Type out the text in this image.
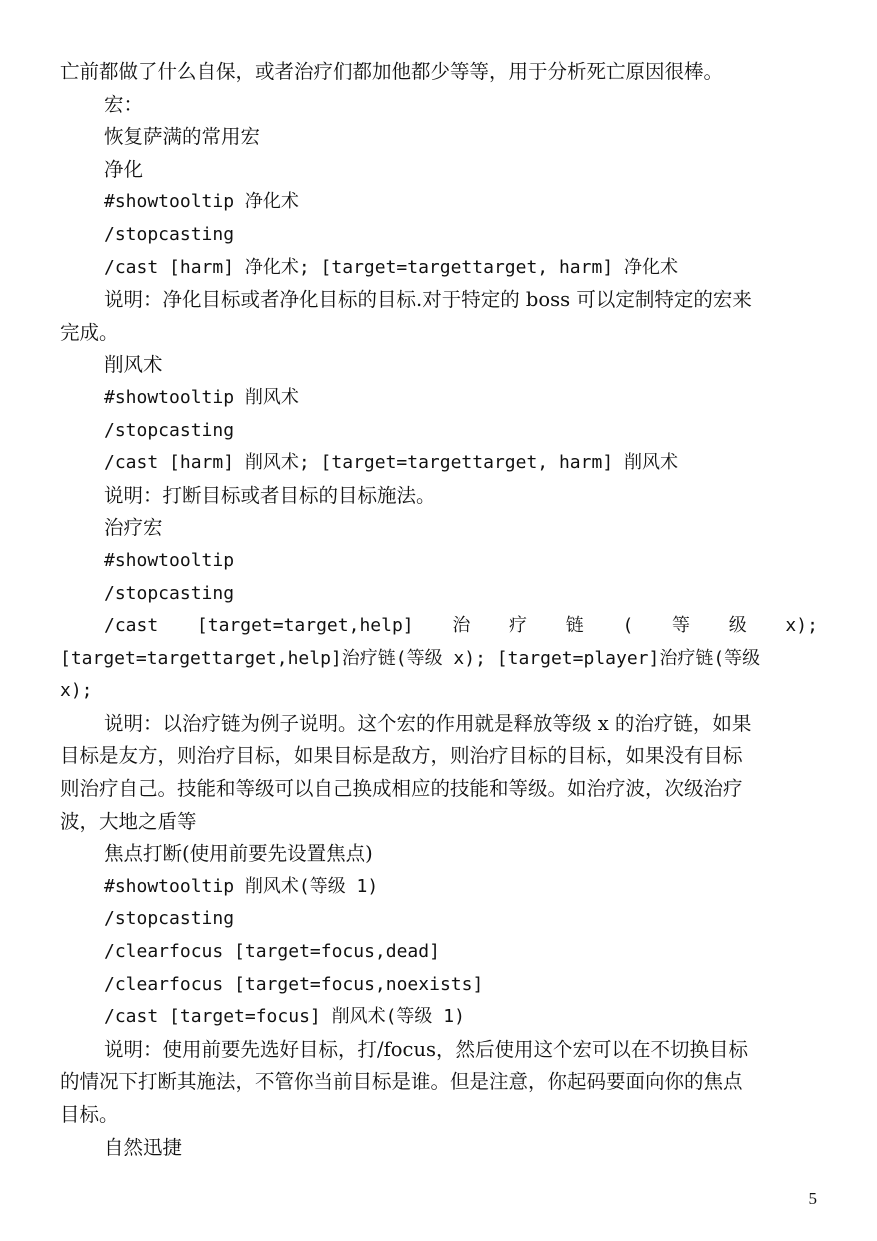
亡前都做了什么自保，或者治疗们都加他都少等等，用于分析死亡原因很棒。
宏：
恢复萨满的常用宏
净化
#showtooltip 净化术
/stopcasting
/cast [harm] 净化术; [target=targettarget, harm] 净化术
说明：净化目标或者净化目标的目标.对于特定的 boss 可以定制特定的宏来
完成。
削风术
#showtooltip 削风术
/stopcasting
/cast [harm] 削风术; [target=targettarget, harm] 削风术
说明：打断目标或者目标的目标施法。
治疗宏
#showtooltip
/stopcasting
/cast [target=target,help] 治 疗 链 ( 等 级 x);
[target=targettarget,help]治疗链(等级 x); [target=player]治疗链(等级
x);
说明：以治疗链为例子说明。这个宏的作用就是释放等级 x 的治疗链，如果
目标是友方，则治疗目标，如果目标是敌方，则治疗目标的目标，如果没有目标
则治疗自己。技能和等级可以自己换成相应的技能和等级。如治疗波，次级治疗
波，大地之盾等
焦点打断(使用前要先设置焦点)
#showtooltip 削风术(等级 1)
/stopcasting
/clearfocus [target=focus,dead]
/clearfocus [target=focus,noexists]
/cast [target=focus] 削风术(等级 1)
说明：使用前要先选好目标，打/focus，然后使用这个宏可以在不切换目标
的情况下打断其施法，不管你当前目标是谁。但是注意，你起码要面向你的焦点
目标。
自然迅捷
5
